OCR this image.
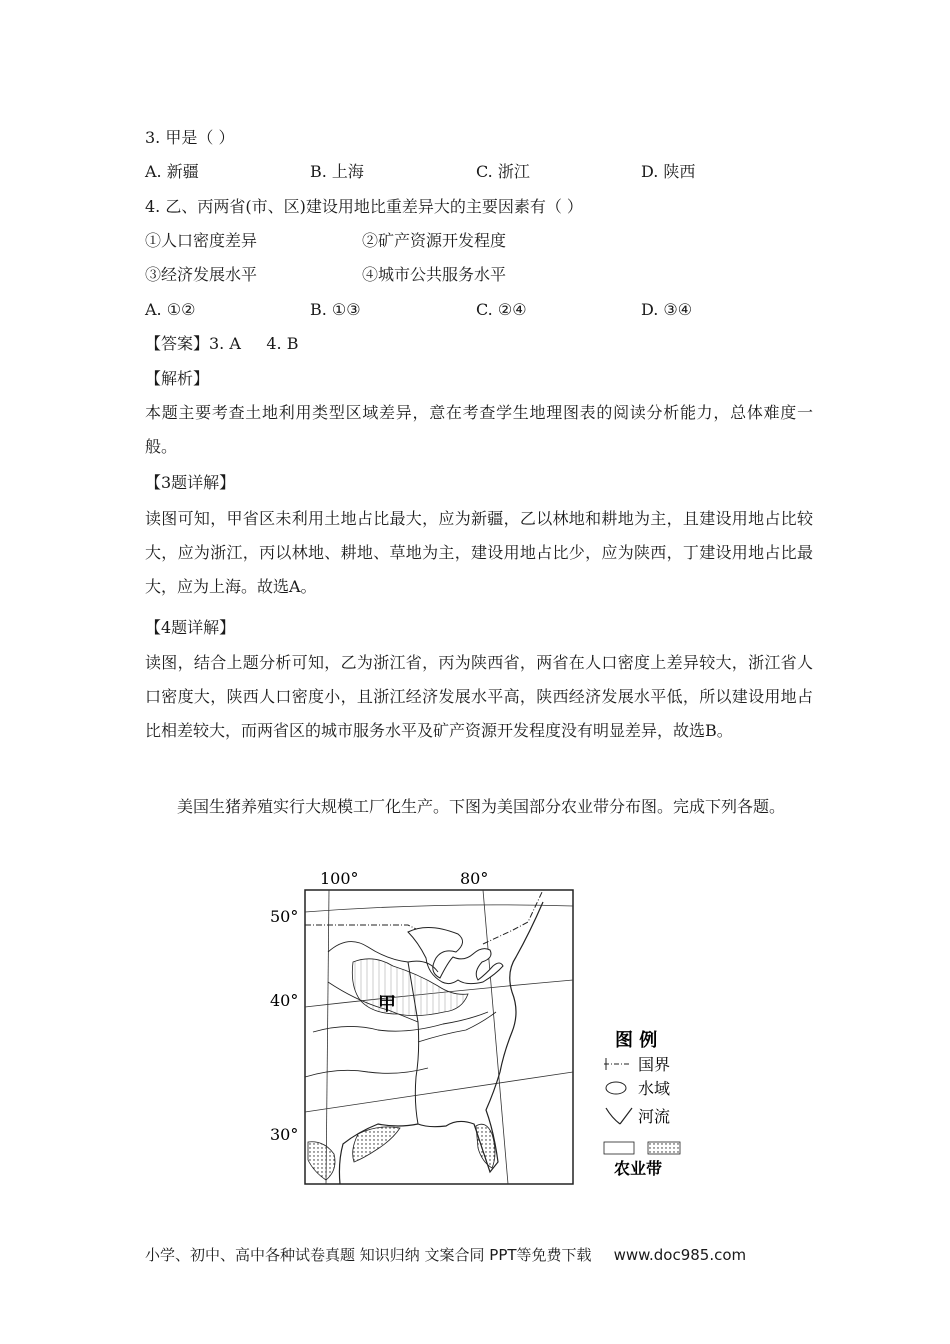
3. 甲是（ ）
A. 新疆	B. 上海	C. 浙江	D. 陕西
4. 乙、丙两省(市、区)建设用地比重差异大的主要因素有（ ）
①人口密度差异	②矿产资源开发程度
③经济发展水平	④城市公共服务水平
A. ①②	B. ①③	C. ②④	D. ③④
【答案】3. A     4. B
【解析】
本题主要考查土地利用类型区域差异，意在考查学生地理图表的阅读分析能力，总体难度一般。
【3题详解】
读图可知，甲省区未利用土地占比最大，应为新疆，乙以林地和耕地为主，且建设用地占比较大，应为浙江，丙以林地、耕地、草地为主，建设用地占比少，应为陕西，丁建设用地占比最大，应为上海。故选A。
【4题详解】
读图，结合上题分析可知，乙为浙江省，丙为陕西省，两省在人口密度上差异较大，浙江省人口密度大，陕西人口密度小，且浙江经济发展水平高，陕西经济发展水平低，所以建设用地占比相差较大，而两省区的城市服务水平及矿产资源开发程度没有明显差异，故选B。
美国生猪养殖实行大规模工厂化生产。下图为美国部分农业带分布图。完成下列各题。
100°	80°
50°
40°
30°
甲
图 例
国界
水域
河流
农业带
小学、初中、高中各种试卷真题 知识归纳 文案合同 PPT等免费下载 www.doc985.com
